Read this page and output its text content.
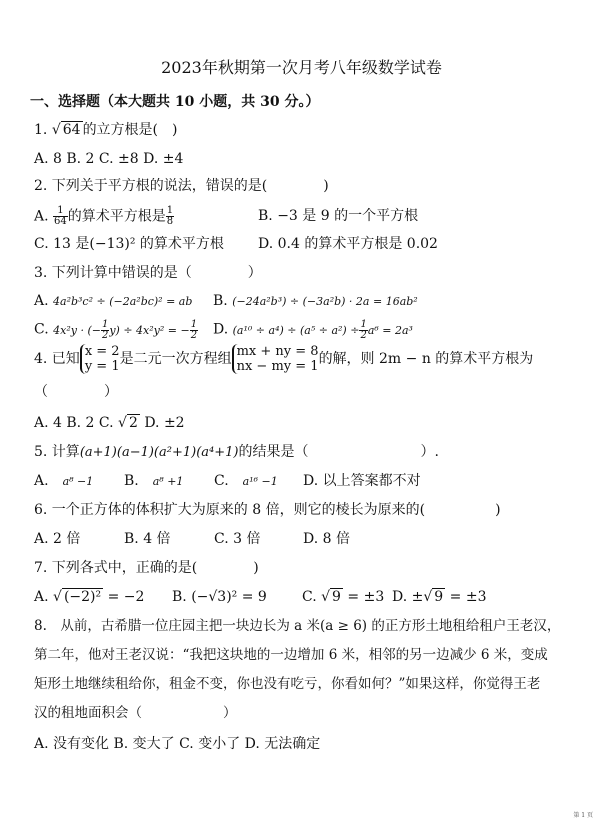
2023年秋期第一次月考八年级数学试卷
一、选择题（本大题共 10 小题，共 30 分。）
1. √ 64 的立方根是(　)
A. 8 B. 2 C. ±8 D. ±4
2. 下列关于平方根的说法，错误的是(　　　　)
A. $\frac{1}{64}$ 的算术平方根是 $\frac{1}{8}$	B. −3 是 9 的一个平方根
C. 13 是(−13)² 的算术平方根 D. 0.4 的算术平方根是 0.02
3. 下列计算中错误的是（　　　　）
A. 4a²b³c² ÷ (−2a²bc)² = ab B. (−24a²b³) ÷ (−3a²b) · 2a = 16ab²
C. 4x²y · (− $\frac{1}{2} y) \div 4x^2y^2$ = − $\frac{1}{2} D$. $(a^{10} \div a^4) \div (a^5 \div a^2) \div \frac{1}{2} a^6 = 2a^3$
4. 已知 x = 2
y = 1 是二元一次方程组 mx + ny = 8
nx − my = 1 的解，则 2m − n 的算术平方根为
（　　　　）
A. 4 B. 2 C. √ 2 D. ±2
5. 计算(a+1)(a−1)(a²+1)(a⁴+1)的结果是（　　　　　　　　）.
A.　 a⁸ −1 B.　 a⁸ +1 C.　 a¹⁶ −1 D. 以上答案都不对
6. 一个正方体的体积扩大为原来的 8 倍，则它的棱长为原来的(　　　　　)
A. 2 倍	B. 4 倍	C. 3 倍	D. 8 倍
7. 下列各式中，正确的是(　　　　)
A. √ (−2)² = −2 B. (−√3)² = 9	C. √ 9 = ±3 D. ±√ 9 = ±3
8.　从前，古希腊一位庄园主把一块边长为 a 米(a ≥ 6) 的正方形土地租给租户王老汉，
第二年，他对王老汉说：“我把这块地的一边增加 6 米，相邻的另一边减少 6 米，变成
矩形土地继续租给你，租金不变，你也没有吃亏，你看如何？”如果这样，你觉得王老
汉的租地面积会（　　　　　　）
A. 没有变化 B. 变大了 C. 变小了 D. 无法确定
第 1 页
